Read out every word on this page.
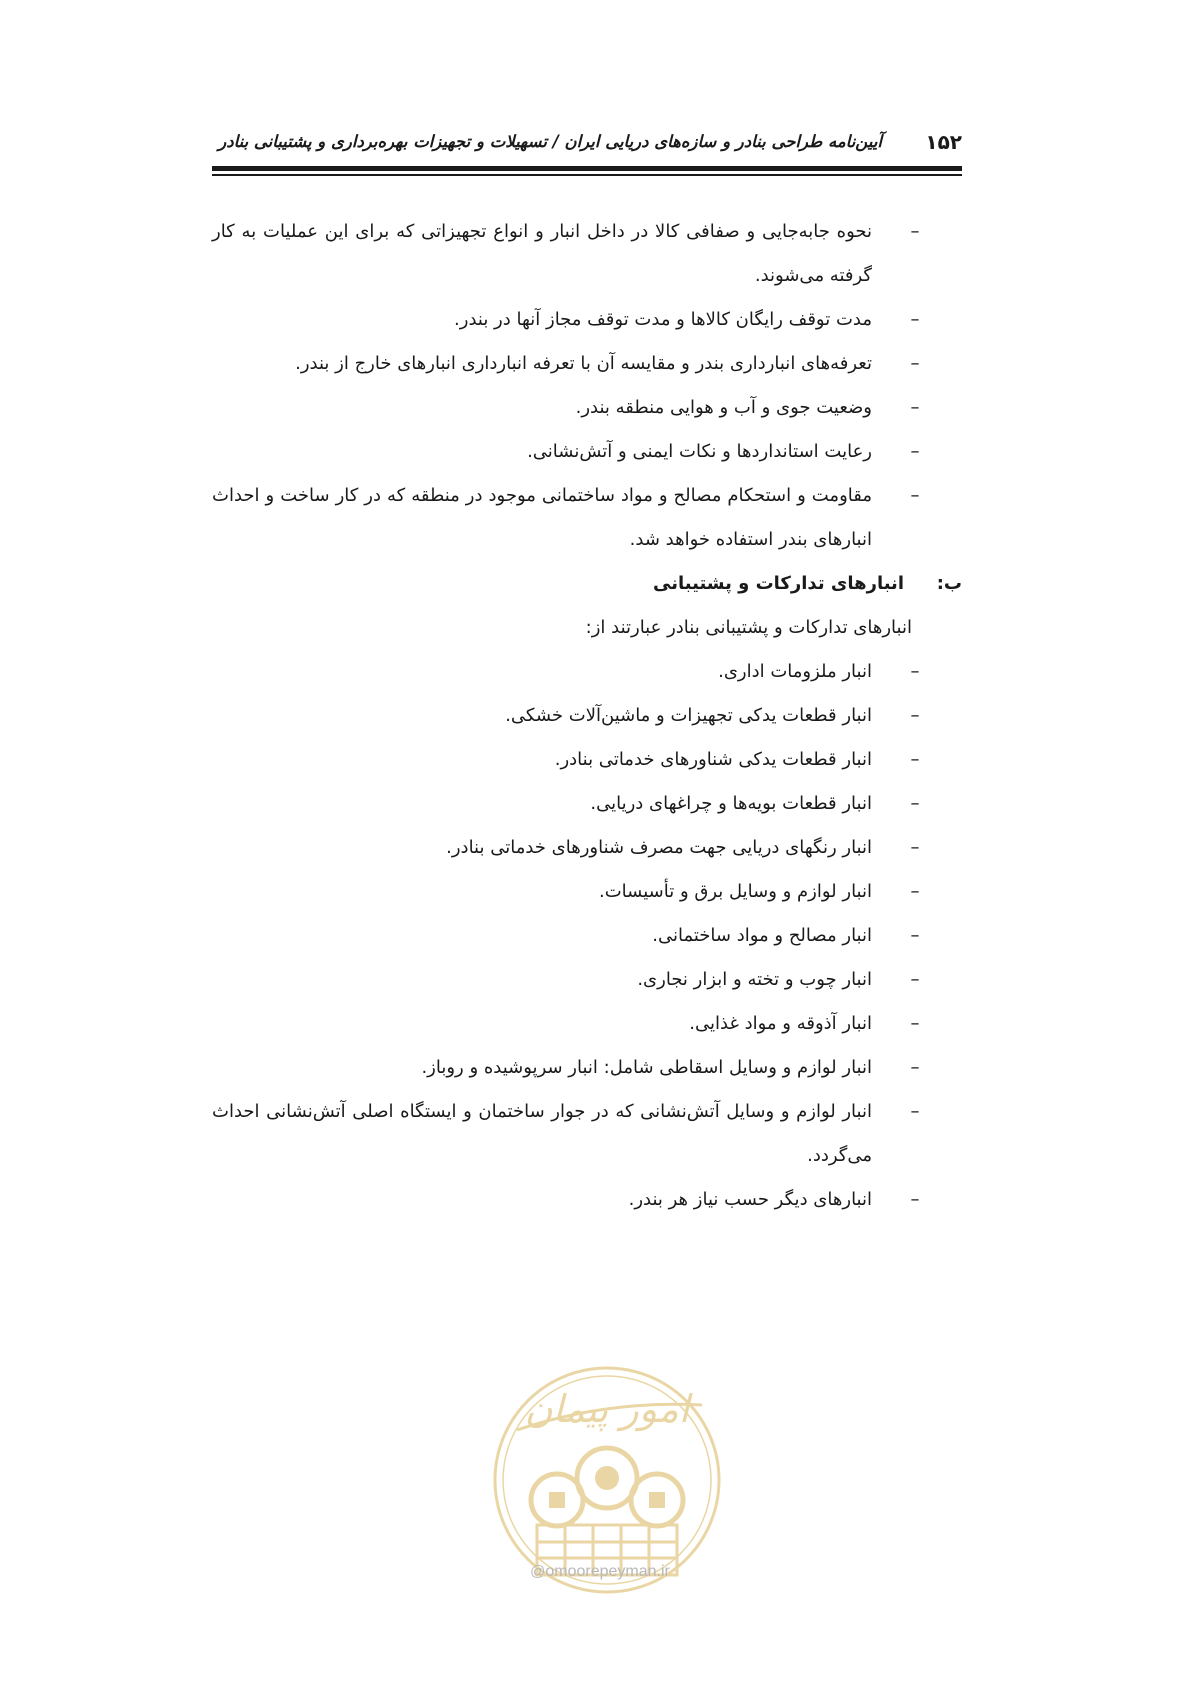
۱۵۲
آیین‌نامه طراحی بنادر و سازه‌های دریایی ایران / تسهیلات و تجهیزات بهره‌برداری و پشتیبانی بنادر
–
نحوه جابه‌جایی و صفافی کالا در داخل انبار و انواع تجهیزاتی که برای این عملیات به کار گرفته می‌شوند.
–
مدت توقف رایگان کالاها و مدت توقف مجاز آنها در بندر.
–
تعرفه‌های انبارداری بندر و مقایسه آن با تعرفه انبارداری انبارهای خارج از بندر.
–
وضعیت جوی و آب و هوایی منطقه بندر.
–
رعایت استانداردها و نکات ایمنی و آتش‌نشانی.
–
مقاومت و استحکام مصالح و مواد ساختمانی موجود در منطقه که در کار ساخت و احداث انبارهای بندر استفاده خواهد شد.
ب:
انبارهای تدارکات و پشتیبانی
انبارهای تدارکات و پشتیبانی بنادر عبارتند از:
–
انبار ملزومات اداری.
–
انبار قطعات یدکی تجهیزات و ماشین‌آلات خشکی.
–
انبار قطعات یدکی شناورهای خدماتی بنادر.
–
انبار قطعات بویه‌ها و چراغهای دریایی.
–
انبار رنگهای دریایی جهت مصرف شناورهای خدماتی بنادر.
–
انبار لوازم و وسایل برق و تأسیسات.
–
انبار مصالح و مواد ساختمانی.
–
انبار چوب و تخته و ابزار نجاری.
–
انبار آذوقه و مواد غذایی.
–
انبار لوازم و وسایل اسقاطی شامل: انبار سرپوشیده و روباز.
–
انبار لوازم و وسایل آتش‌نشانی که در جوار ساختمان و ایستگاه اصلی آتش‌نشانی احداث می‌گردد.
–
انبارهای دیگر حسب نیاز هر بندر.
امور پیمان
@omoorepeyman.ir
